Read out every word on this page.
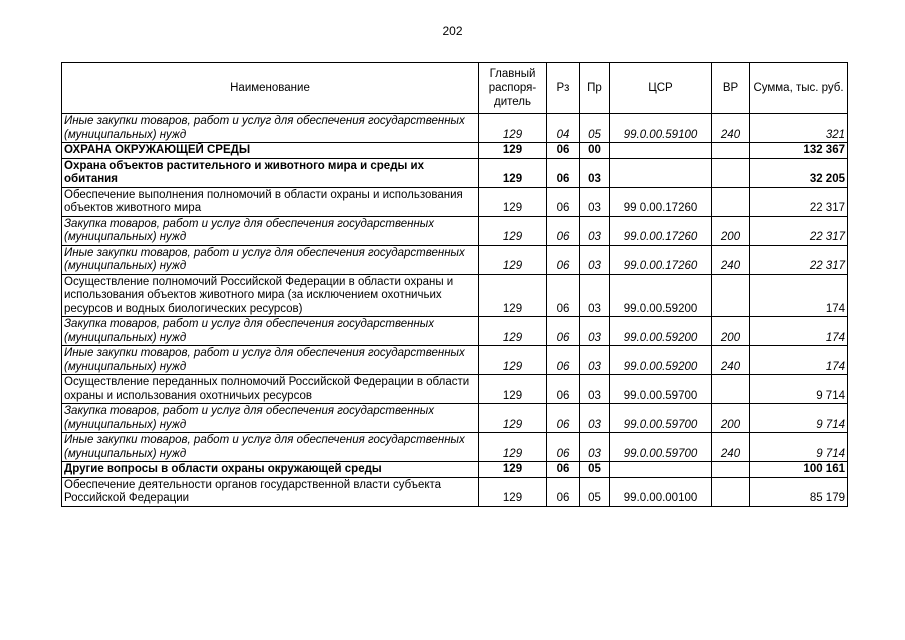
202
Наименование	Главный распоря-дитель	Рз	Пр	ЦСР	ВР	Сумма, тыс. руб.
Иные закупки товаров, работ и услуг для обеспечения государственных (муниципальных) нужд	129	04	05	99.0.00.59100	240	321
ОХРАНА ОКРУЖАЮЩЕЙ СРЕДЫ	129	06	00			132 367
Охрана объектов растительного и животного мира и среды их обитания	129	06	03			32 205
Обеспечение выполнения полномочий в области охраны и использования объектов животного мира	129	06	03	99 0.00.17260		22 317
Закупка товаров, работ и услуг для обеспечения государственных (муниципальных) нужд	129	06	03	99.0.00.17260	200	22 317
Иные закупки товаров, работ и услуг для обеспечения государственных (муниципальных) нужд	129	06	03	99.0.00.17260	240	22 317
Осуществление полномочий Российской Федерации в области охраны и использования объектов животного мира (за исключением охотничьих ресурсов и водных биологических ресурсов)	129	06	03	99.0.00.59200		174
Закупка товаров, работ и услуг для обеспечения государственных (муниципальных) нужд	129	06	03	99.0.00.59200	200	174
Иные закупки товаров, работ и услуг для обеспечения государственных (муниципальных) нужд	129	06	03	99.0.00.59200	240	174
Осуществление переданных полномочий Российской Федерации в области охраны и использования охотничьих ресурсов	129	06	03	99.0.00.59700		9 714
Закупка товаров, работ и услуг для обеспечения государственных (муниципальных) нужд	129	06	03	99.0.00.59700	200	9 714
Иные закупки товаров, работ и услуг для обеспечения государственных (муниципальных) нужд	129	06	03	99.0.00.59700	240	9 714
Другие вопросы в области охраны окружающей среды	129	06	05			100 161
Обеспечение деятельности органов государственной власти субъекта Российской Федерации	129	06	05	99.0.00.00100		85 179
